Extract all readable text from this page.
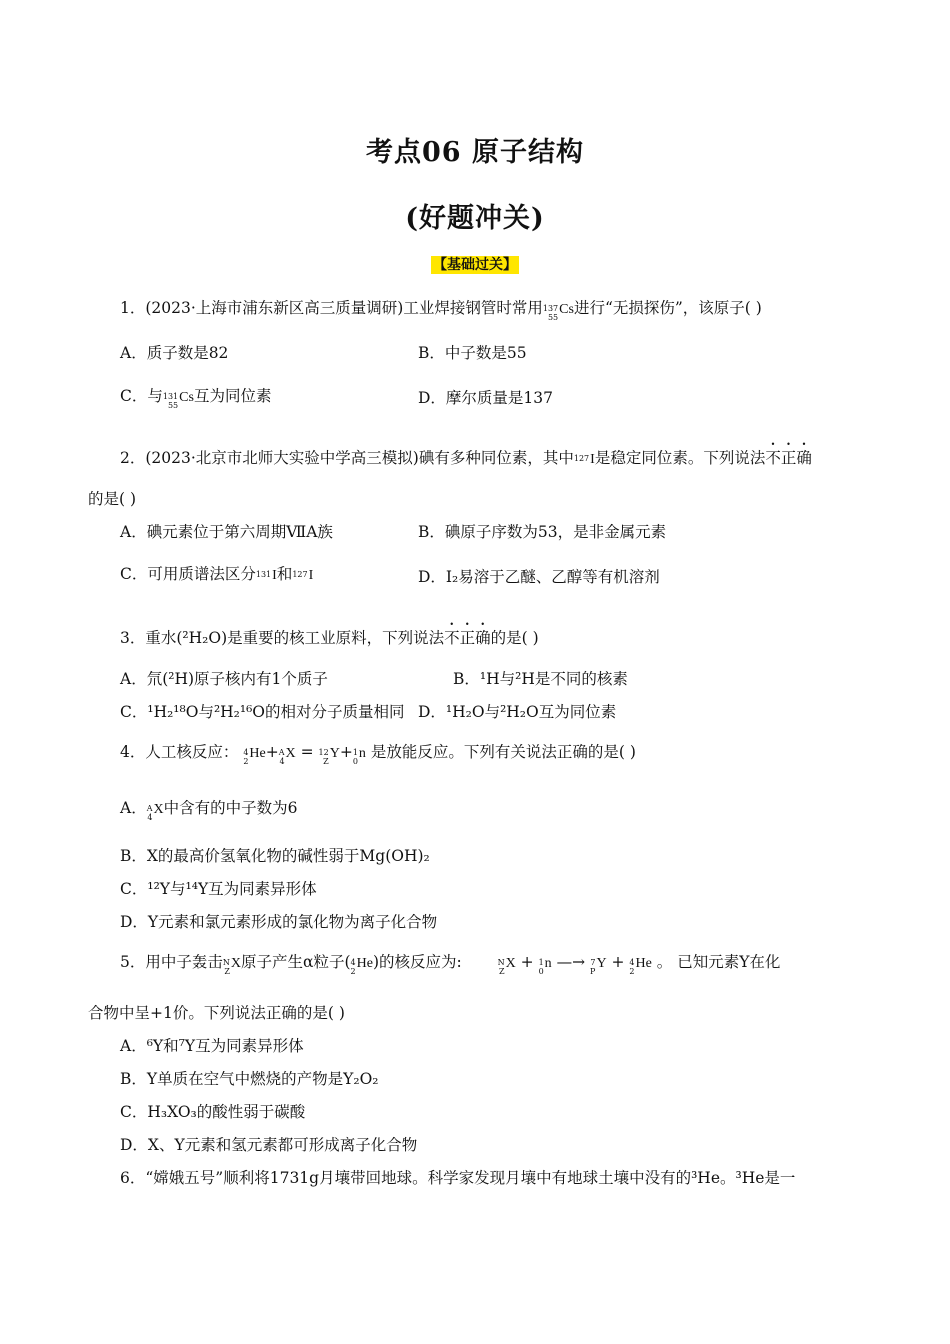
考点06 原子结构
(好题冲关)
【基础过关】
1．(2023·上海市浦东新区高三质量调研)工业焊接钢管时常用 137
55
Cs进行“无损探伤”，该原子( )
A．质子数是82	B．中子数是55
C．与 131
55
Cs互为同位素	D．摩尔质量是137
2．(2023·北京市北师大实验中学高三模拟)碘有多种同位素，其中 127 I是稳定同位素。下列说法不正确
的是( )
A．碘元素位于第六周期ⅦA族	B．碘原子序数为53，是非金属元素
C．可用质谱法区分 131 I和 127 I	D．I₂易溶于乙醚、乙醇等有机溶剂
3．重水(²H₂O)是重要的核工业原料，下列说法不正确的是( )
A．氘(²H)原子核内有1个质子	B．¹H与²H是不同的核素
C．¹H₂¹⁸O与²H₂¹⁶O的相对分子质量相同 D．¹H₂O与²H₂O互为同位素
4．人工核反应： 4
2
He+ A
4
X = 12
Z
Y+ 1
0
n 是放能反应。下列有关说法正确的是( )
A． A
4
X中含有的中子数为6
B．X的最高价氢氧化物的碱性弱于Mg(OH)₂
C．¹²Y与¹⁴Y互为同素异形体
D．Y元素和氯元素形成的氯化物为离子化合物
5．用中子轰击 N
Z
X原子产生α粒子( 4
2
He)的核反应为:	N
Z
X + 1
0
n —→ 7
P
Y + 4
2
He 。 已知元素Y在化
合物中呈+1价。下列说法正确的是( )
A．⁶Y和⁷Y互为同素异形体
B．Y单质在空气中燃烧的产物是Y₂O₂
C．H₃XO₃的酸性弱于碳酸
D．X、Y元素和氢元素都可形成离子化合物
6．“嫦娥五号”顺利将1731g月壤带回地球。科学家发现月壤中有地球土壤中没有的³He。³He是一
